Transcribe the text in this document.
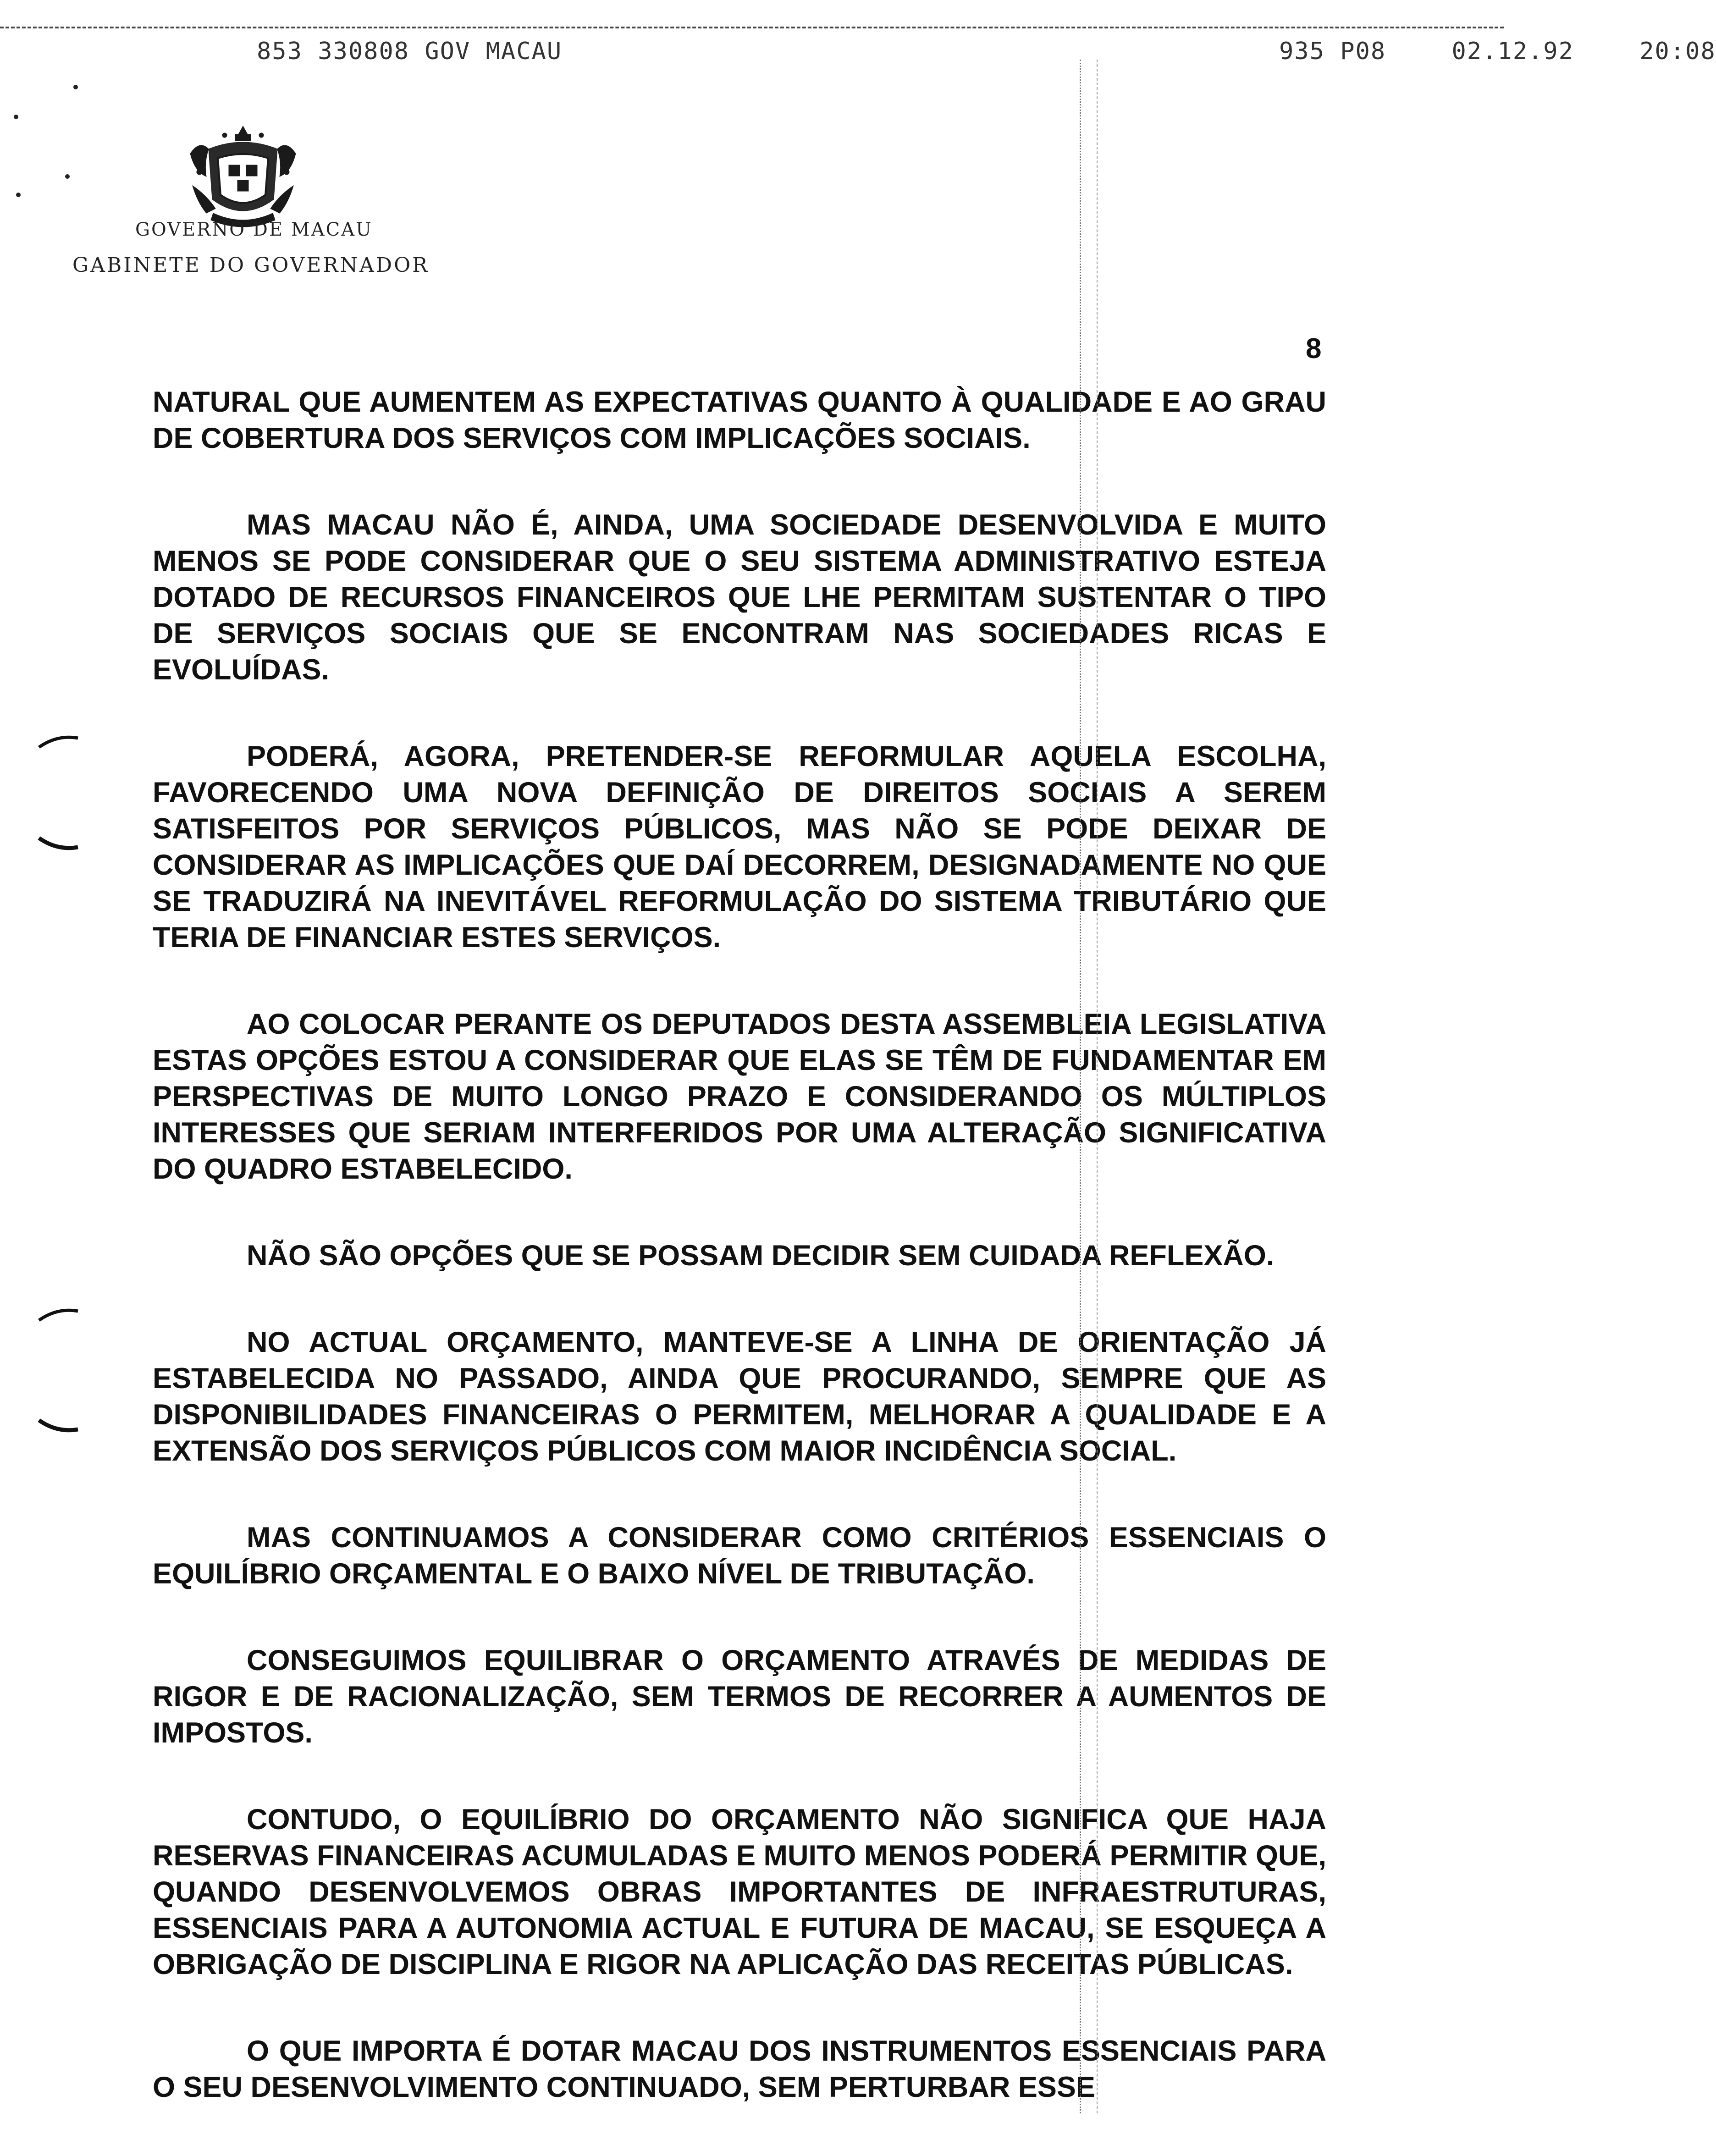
853 330808 GOV MACAU	935 P08	02.12.92	20:08
GOVERNO DE MACAU
GABINETE DO GOVERNADOR
8

NATURAL QUE AUMENTEM AS EXPECTATIVAS QUANTO À QUALIDADE E AO GRAU DE COBERTURA DOS SERVIÇOS COM IMPLICAÇÕES SOCIAIS.

MAS MACAU NÃO É, AINDA, UMA SOCIEDADE DESENVOLVIDA E MUITO MENOS SE PODE CONSIDERAR QUE O SEU SISTEMA ADMINISTRATIVO ESTEJA DOTADO DE RECURSOS FINANCEIROS QUE LHE PERMITAM SUSTENTAR O TIPO DE SERVIÇOS SOCIAIS QUE SE ENCONTRAM NAS SOCIEDADES RICAS E EVOLUÍDAS.

PODERÁ, AGORA, PRETENDER-SE REFORMULAR AQUELA ESCOLHA, FAVORECENDO UMA NOVA DEFINIÇÃO DE DIREITOS SOCIAIS A SEREM SATISFEITOS POR SERVIÇOS PÚBLICOS, MAS NÃO SE PODE DEIXAR DE CONSIDERAR AS IMPLICAÇÕES QUE DAÍ DECORREM, DESIGNADAMENTE NO QUE SE TRADUZIRÁ NA INEVITÁVEL REFORMULAÇÃO DO SISTEMA TRIBUTÁRIO QUE TERIA DE FINANCIAR ESTES SERVIÇOS.

AO COLOCAR PERANTE OS DEPUTADOS DESTA ASSEMBLEIA LEGISLATIVA ESTAS OPÇÕES ESTOU A CONSIDERAR QUE ELAS SE TÊM DE FUNDAMENTAR EM PERSPECTIVAS DE MUITO LONGO PRAZO E CONSIDERANDO OS MÚLTIPLOS INTERESSES QUE SERIAM INTERFERIDOS POR UMA ALTERAÇÃO SIGNIFICATIVA DO QUADRO ESTABELECIDO.

NÃO SÃO OPÇÕES QUE SE POSSAM DECIDIR SEM CUIDADA REFLEXÃO.

NO ACTUAL ORÇAMENTO, MANTEVE-SE A LINHA DE ORIENTAÇÃO JÁ ESTABELECIDA NO PASSADO, AINDA QUE PROCURANDO, SEMPRE QUE AS DISPONIBILIDADES FINANCEIRAS O PERMITEM, MELHORAR A QUALIDADE E A EXTENSÃO DOS SERVIÇOS PÚBLICOS COM MAIOR INCIDÊNCIA SOCIAL.

MAS CONTINUAMOS A CONSIDERAR COMO CRITÉRIOS ESSENCIAIS O EQUILÍBRIO ORÇAMENTAL E O BAIXO NÍVEL DE TRIBUTAÇÃO.

CONSEGUIMOS EQUILIBRAR O ORÇAMENTO ATRAVÉS DE MEDIDAS DE RIGOR E DE RACIONALIZAÇÃO, SEM TERMOS DE RECORRER A AUMENTOS DE IMPOSTOS.

CONTUDO, O EQUILÍBRIO DO ORÇAMENTO NÃO SIGNIFICA QUE HAJA RESERVAS FINANCEIRAS ACUMULADAS E MUITO MENOS PODERÁ PERMITIR QUE, QUANDO DESENVOLVEMOS OBRAS IMPORTANTES DE INFRAESTRUTURAS, ESSENCIAIS PARA A AUTONOMIA ACTUAL E FUTURA DE MACAU, SE ESQUEÇA A OBRIGAÇÃO DE DISCIPLINA E RIGOR NA APLICAÇÃO DAS RECEITAS PÚBLICAS.

O QUE IMPORTA É DOTAR MACAU DOS INSTRUMENTOS ESSENCIAIS PARA O SEU DESENVOLVIMENTO CONTINUADO, SEM PERTURBAR ESSE
